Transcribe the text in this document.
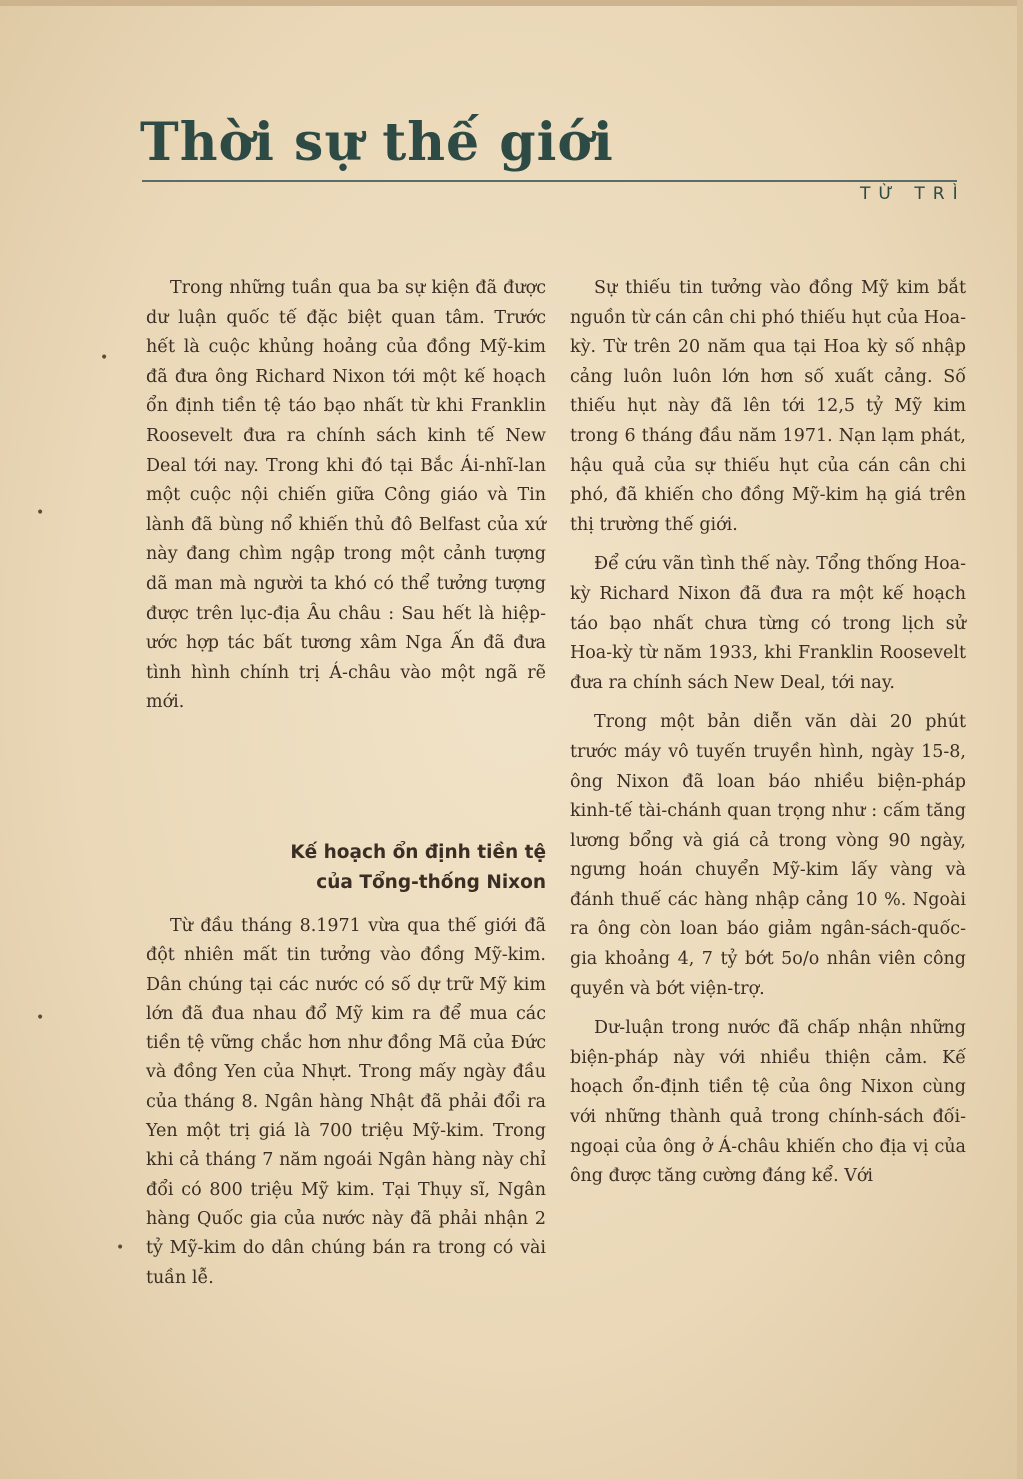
Thời sự thế giới
TỪ TRÌ

Trong những tuần qua ba sự kiện đã được dư luận quốc tế đặc biệt quan tâm. Trước hết là cuộc khủng hoảng của đồng Mỹ-kim đã đưa ông Richard Nixon tới một kế hoạch ổn định tiền tệ táo bạo nhất từ khi Franklin Roosevelt đưa ra chính sách kinh tế New Deal tới nay. Trong khi đó tại Bắc Ái-nhĩ-lan một cuộc nội chiến giữa Công giáo và Tin lành đã bùng nổ khiến thủ đô Belfast của xứ này đang chìm ngập trong một cảnh tượng dã man mà người ta khó có thể tưởng tượng được trên lục-địa Âu châu : Sau hết là hiệp-ước hợp tác bất tương xâm Nga Ấn đã đưa tình hình chính trị Á-châu vào một ngã rẽ mới.

Kế hoạch ổn định tiền tệ
của Tổng-thống Nixon

Từ đầu tháng 8.1971 vừa qua thế giới đã đột nhiên mất tin tưởng vào đồng Mỹ-kim. Dân chúng tại các nước có số dự trữ Mỹ kim lớn đã đua nhau đổ Mỹ kim ra để mua các tiền tệ vững chắc hơn như đồng Mã của Đức và đồng Yen của Nhựt. Trong mấy ngày đầu của tháng 8. Ngân hàng Nhật đã phải đổi ra Yen một trị giá là 700 triệu Mỹ-kim. Trong khi cả tháng 7 năm ngoái Ngân hàng này chỉ đổi có 800 triệu Mỹ kim. Tại Thụy sĩ, Ngân hàng Quốc gia của nước này đã phải nhận 2 tỷ Mỹ-kim do dân chúng bán ra trong có vài tuần lễ.

Sự thiếu tin tưởng vào đồng Mỹ kim bắt nguồn từ cán cân chi phó thiếu hụt của Hoa-kỳ. Từ trên 20 năm qua tại Hoa kỳ số nhập cảng luôn luôn lớn hơn số xuất cảng. Số thiếu hụt này đã lên tới 12,5 tỷ Mỹ kim trong 6 tháng đầu năm 1971. Nạn lạm phát, hậu quả của sự thiếu hụt của cán cân chi phó, đã khiến cho đồng Mỹ-kim hạ giá trên thị trường thế giới.

Để cứu vãn tình thế này. Tổng thống Hoa-kỳ Richard Nixon đã đưa ra một kế hoạch táo bạo nhất chưa từng có trong lịch sử Hoa-kỳ từ năm 1933, khi Franklin Roosevelt đưa ra chính sách New Deal, tới nay.

Trong một bản diễn văn dài 20 phút trước máy vô tuyến truyền hình, ngày 15-8, ông Nixon đã loan báo nhiều biện-pháp kinh-tế tài-chánh quan trọng như : cấm tăng lương bổng và giá cả trong vòng 90 ngày, ngưng hoán chuyển Mỹ-kim lấy vàng và đánh thuế các hàng nhập cảng 10 %. Ngoài ra ông còn loan báo giảm ngân-sách-quốc-gia khoảng 4, 7 tỷ bớt 5o/o nhân viên công quyền và bớt viện-trợ.

Dư-luận trong nước đã chấp nhận những biện-pháp này với nhiều thiện cảm. Kế hoạch ổn-định tiền tệ của ông Nixon cùng với những thành quả trong chính-sách đối-ngoại của ông ở Á-châu khiến cho địa vị của ông được tăng cường đáng kể. Với

•
•
•
•
